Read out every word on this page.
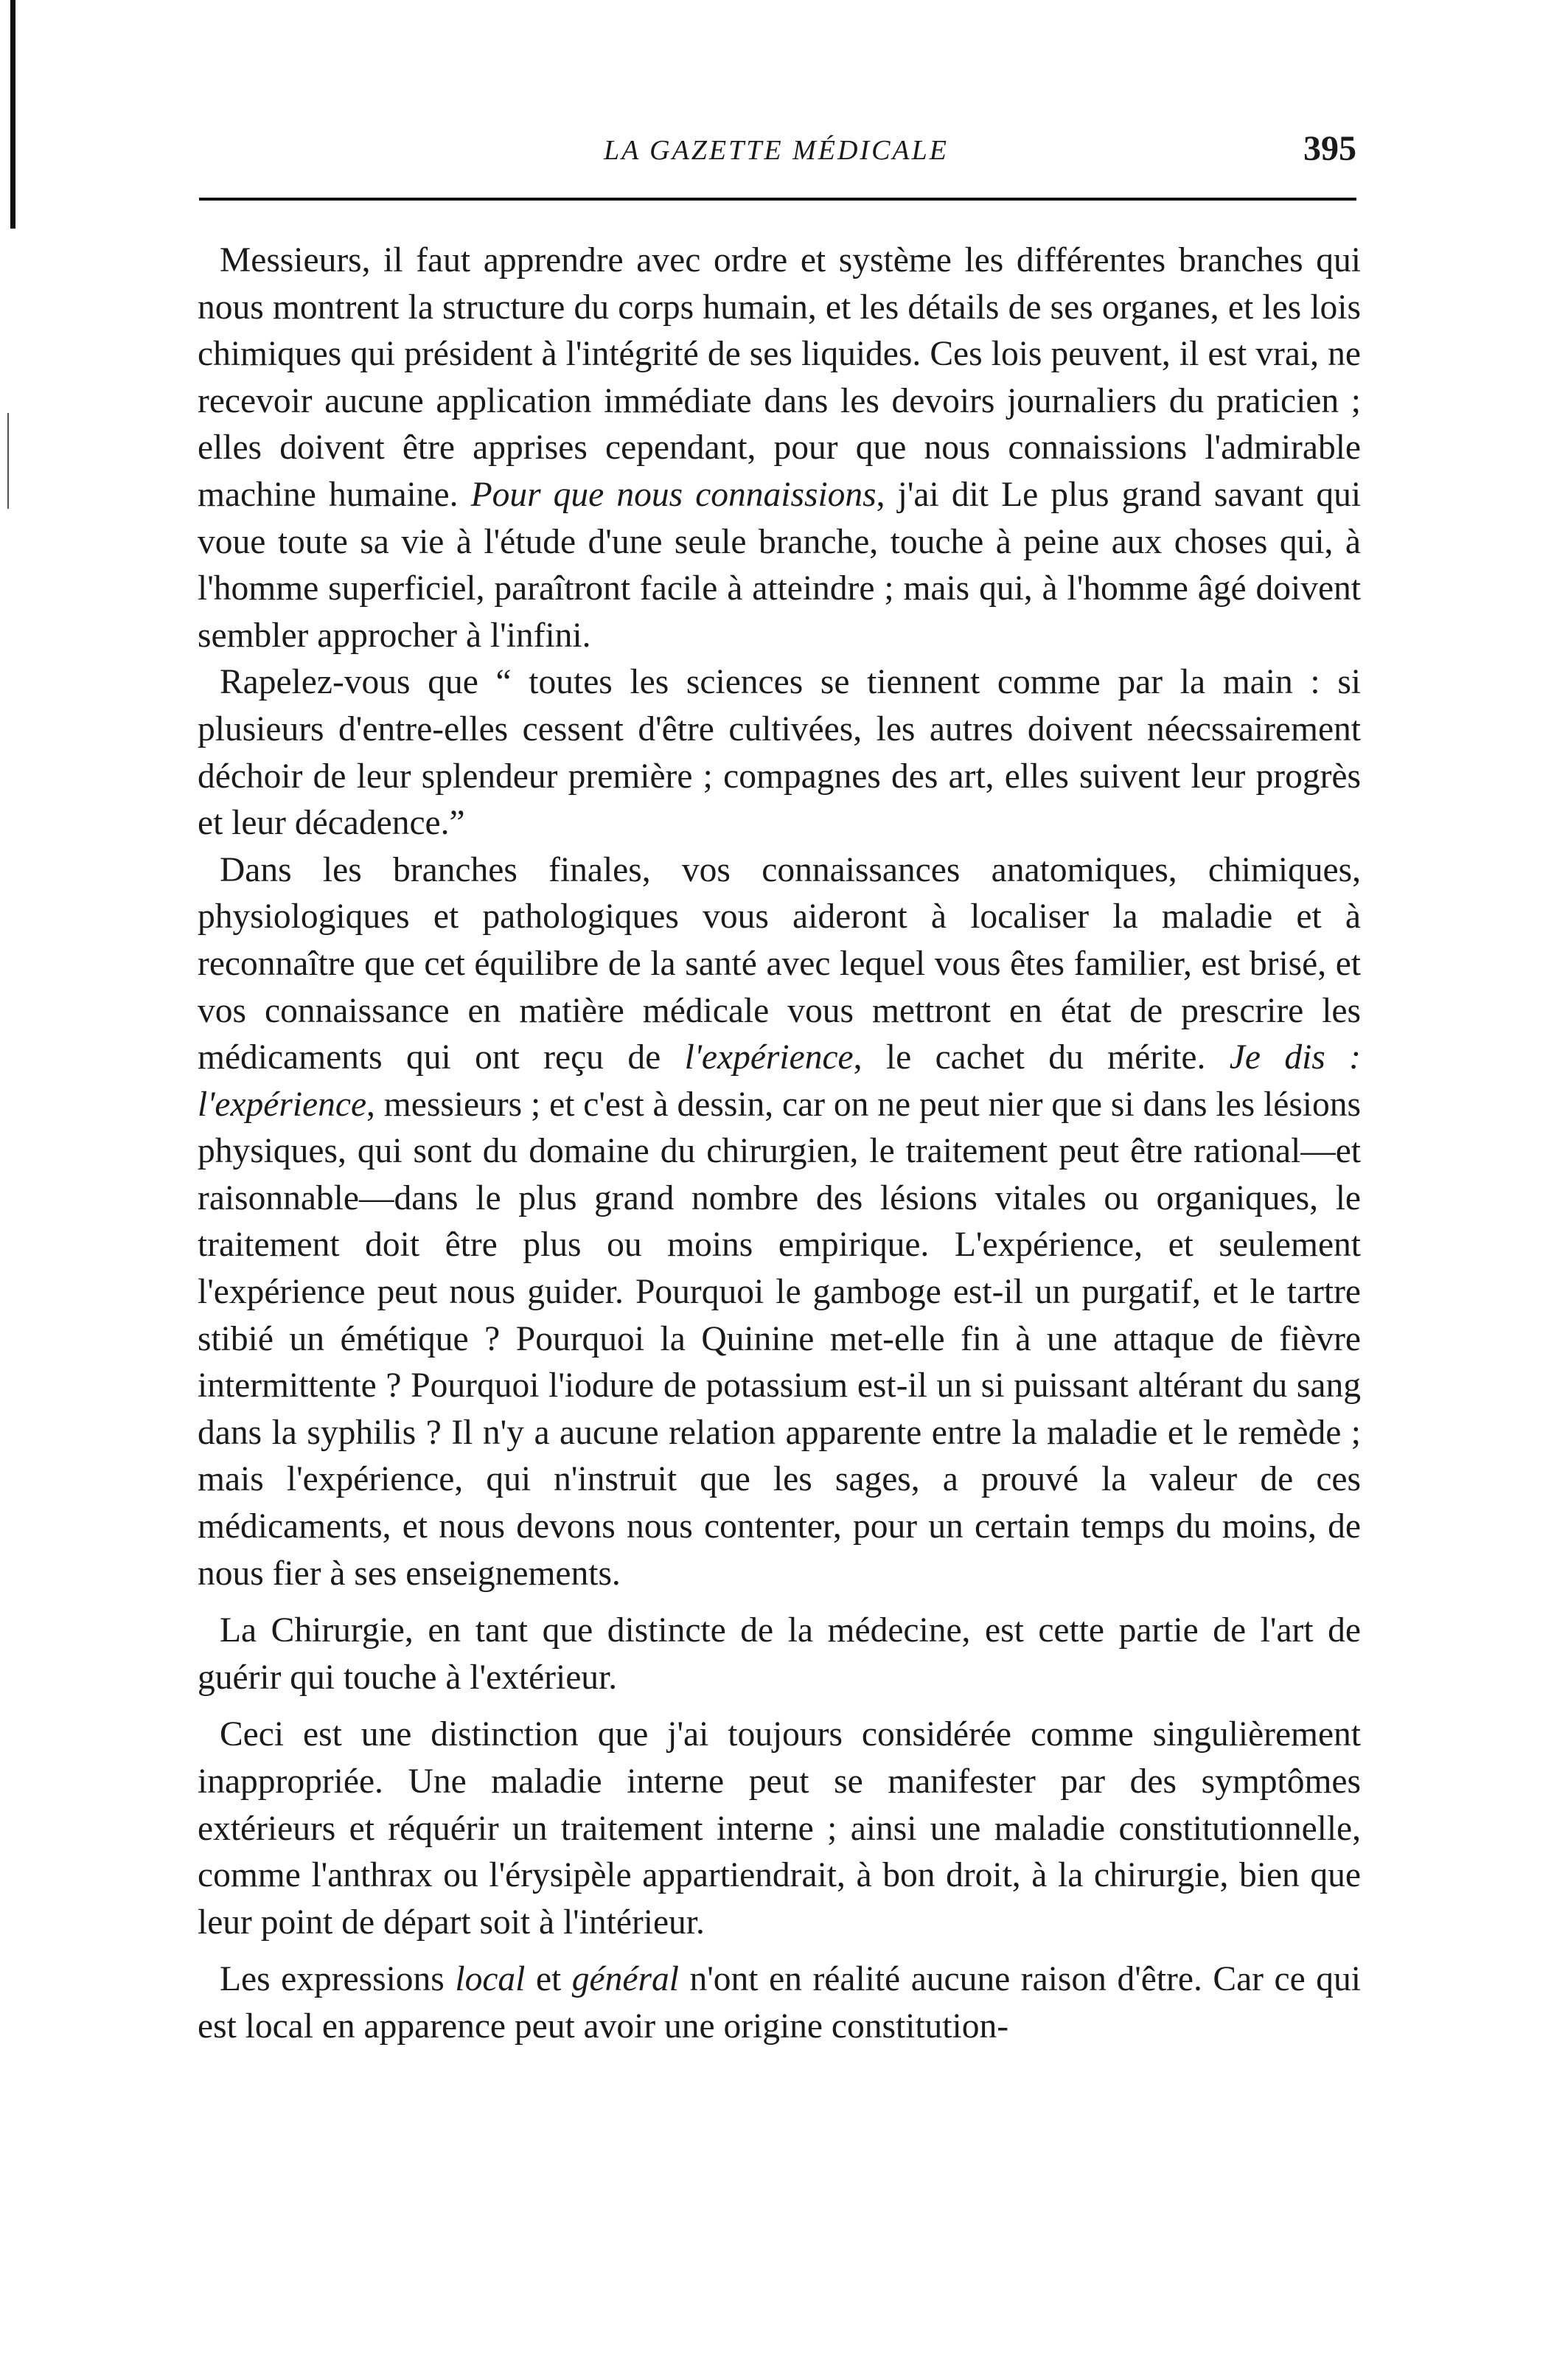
LA GAZETTE MÉDICALE	395

Messieurs, il faut apprendre avec ordre et système les différentes branches qui nous montrent la structure du corps humain, et les détails de ses organes, et les lois chimiques qui président à l'intégrité de ses liquides. Ces lois peuvent, il est vrai, ne recevoir aucune application immédiate dans les devoirs journaliers du praticien ; elles doivent être apprises cependant, pour que nous connaissions l'admirable machine humaine. Pour que nous connaissions, j'ai dit Le plus grand savant qui voue toute sa vie à l'étude d'une seule branche, touche à peine aux choses qui, à l'homme superficiel, paraîtront facile à atteindre ; mais qui, à l'homme âgé doivent sembler approcher à l'infini.

Rapelez-vous que “ toutes les sciences se tiennent comme par la main : si plusieurs d'entre-elles cessent d'être cultivées, les autres doivent néecssairement déchoir de leur splendeur première ; compagnes des art, elles suivent leur progrès et leur décadence.”

Dans les branches finales, vos connaissances anatomiques, chimiques, physiologiques et pathologiques vous aideront à localiser la maladie et à reconnaître que cet équilibre de la santé avec lequel vous êtes familier, est brisé, et vos connaissance en matière médicale vous mettront en état de prescrire les médicaments qui ont reçu de l'expérience, le cachet du mérite. Je dis : l'expérience, messieurs ; et c'est à dessin, car on ne peut nier que si dans les lésions physiques, qui sont du domaine du chirurgien, le traitement peut être rational—et raisonnable—dans le plus grand nombre des lésions vitales ou organiques, le traitement doit être plus ou moins empirique. L'expérience, et seulement l'expérience peut nous guider. Pourquoi le gamboge est-il un purgatif, et le tartre stibié un émétique ? Pourquoi la Quinine met-elle fin à une attaque de fièvre intermittente ? Pourquoi l'iodure de potassium est-il un si puissant altérant du sang dans la syphilis ? Il n'y a aucune relation apparente entre la maladie et le remède ; mais l'expérience, qui n'instruit que les sages, a prouvé la valeur de ces médicaments, et nous devons nous contenter, pour un certain temps du moins, de nous fier à ses enseignements.

La Chirurgie, en tant que distincte de la médecine, est cette partie de l'art de guérir qui touche à l'extérieur.

Ceci est une distinction que j'ai toujours considérée comme singulièrement inappropriée. Une maladie interne peut se manifester par des symptômes extérieurs et réquérir un traitement interne ; ainsi une maladie constitutionnelle, comme l'anthrax ou l'érysipèle appartiendrait, à bon droit, à la chirurgie, bien que leur point de départ soit à l'intérieur.

Les expressions local et général n'ont en réalité aucune raison d'être. Car ce qui est local en apparence peut avoir une origine constitution-
